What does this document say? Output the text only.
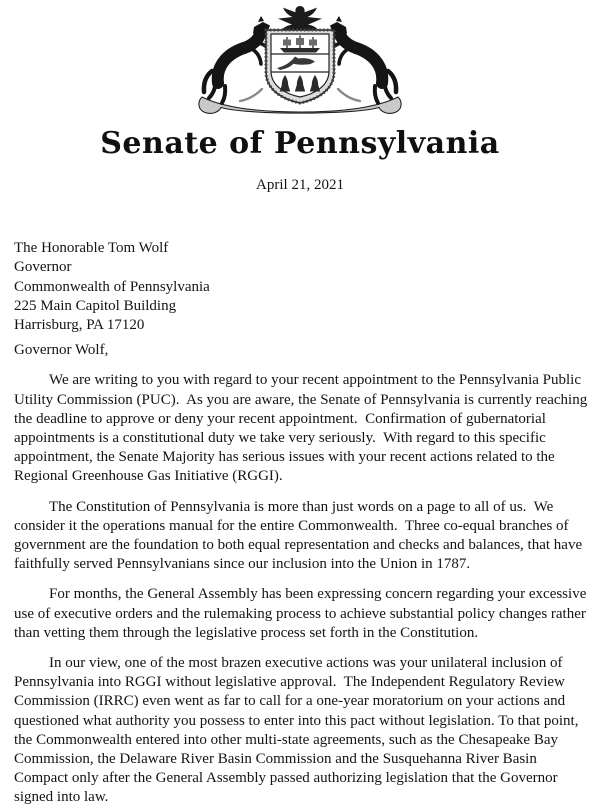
Senate of Pennsylvania
April 21, 2021
The Honorable Tom Wolf
Governor
Commonwealth of Pennsylvania
225 Main Capitol Building
Harrisburg, PA 17120
Governor Wolf,

We are writing to you with regard to your recent appointment to the Pennsylvania Public Utility Commission (PUC).  As you are aware, the Senate of Pennsylvania is currently reaching the deadline to approve or deny your recent appointment.  Confirmation of gubernatorial appointments is a constitutional duty we take very seriously.  With regard to this specific appointment, the Senate Majority has serious issues with your recent actions related to the Regional Greenhouse Gas Initiative (RGGI).

The Constitution of Pennsylvania is more than just words on a page to all of us.  We consider it the operations manual for the entire Commonwealth.  Three co-equal branches of government are the foundation to both equal representation and checks and balances, that have faithfully served Pennsylvanians since our inclusion into the Union in 1787.

For months, the General Assembly has been expressing concern regarding your excessive use of executive orders and the rulemaking process to achieve substantial policy changes rather than vetting them through the legislative process set forth in the Constitution.

In our view, one of the most brazen executive actions was your unilateral inclusion of Pennsylvania into RGGI without legislative approval.  The Independent Regulatory Review Commission (IRRC) even went as far to call for a one-year moratorium on your actions and questioned what authority you possess to enter into this pact without legislation. To that point, the Commonwealth entered into other multi-state agreements, such as the Chesapeake Bay Commission, the Delaware River Basin Commission and the Susquehanna River Basin Compact only after the General Assembly passed authorizing legislation that the Governor signed into law.
